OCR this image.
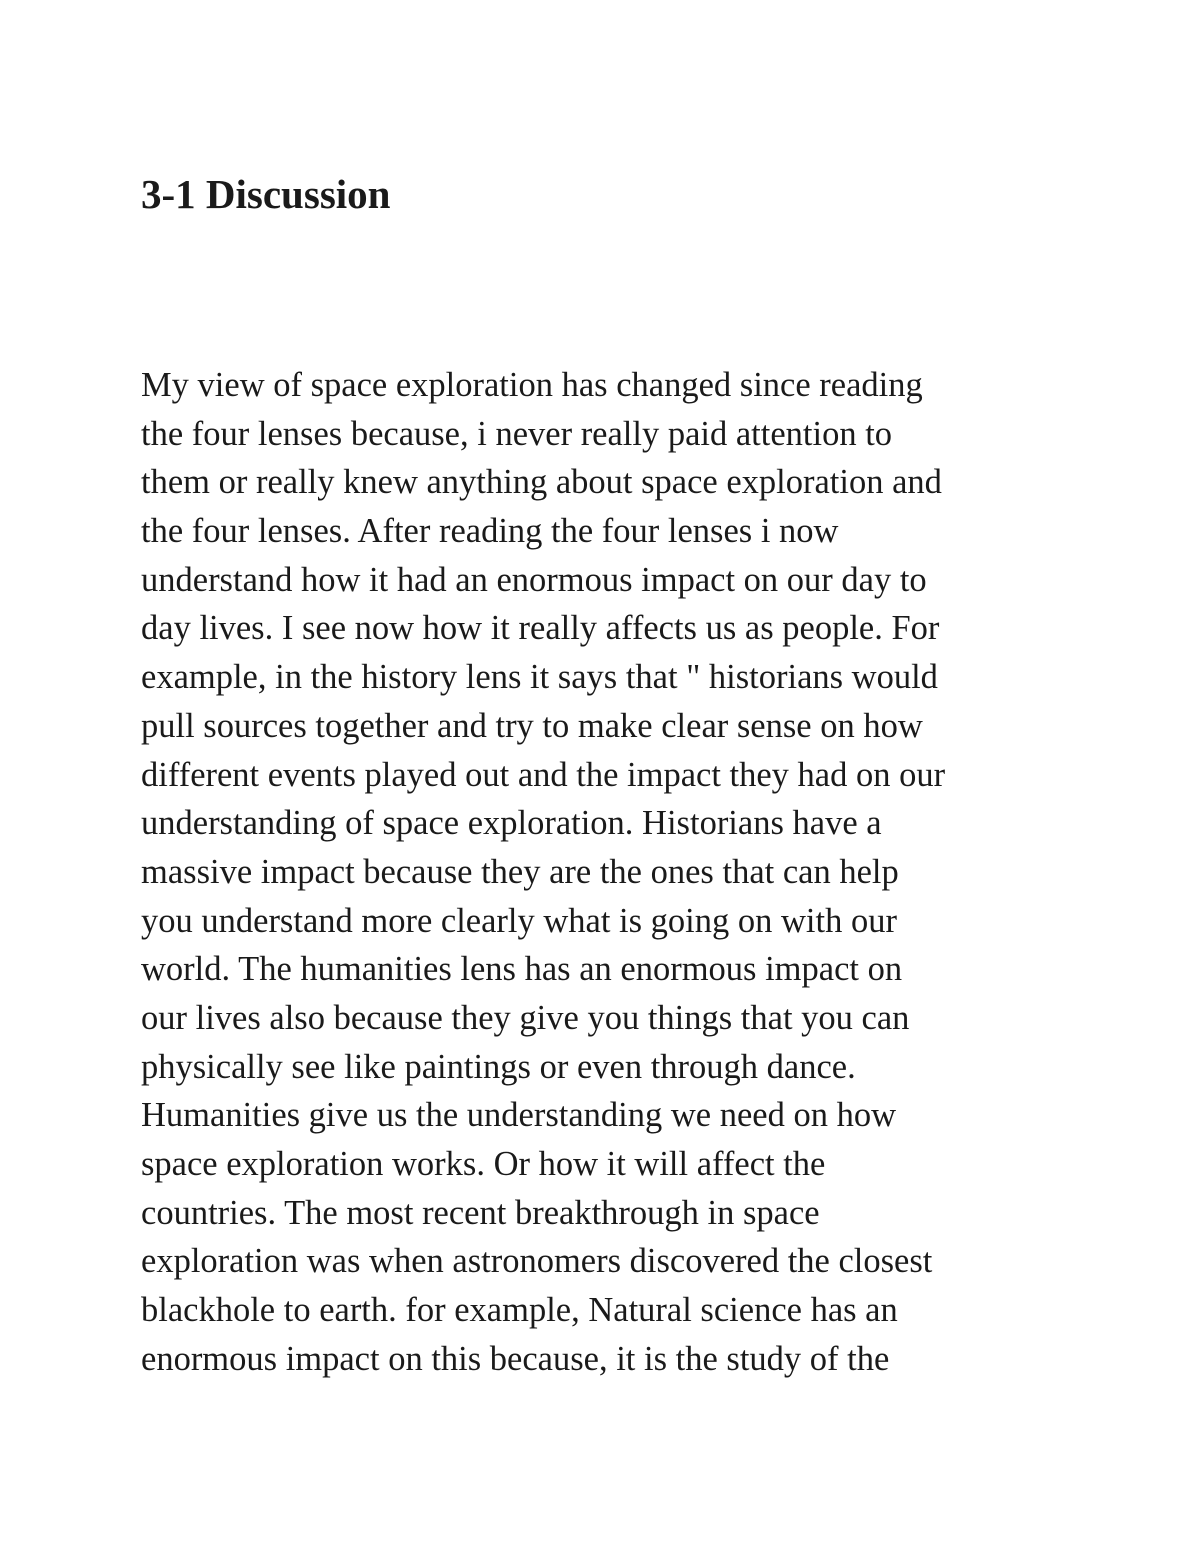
3-1 Discussion
My view of space exploration has changed since reading
the four lenses because, i never really paid attention to
them or really knew anything about space exploration and
the four lenses. After reading the four lenses i now
understand how it had an enormous impact on our day to
day lives. I see now how it really affects us as people. For
example, in the history lens it says that " historians would
pull sources together and try to make clear sense on how
different events played out and the impact they had on our
understanding of space exploration. Historians have a
massive impact because they are the ones that can help
you understand more clearly what is going on with our
world. The humanities lens has an enormous impact on
our lives also because they give you things that you can
physically see like paintings or even through dance.
Humanities give us the understanding we need on how
space exploration works. Or how it will affect the
countries. The most recent breakthrough in space
exploration was when astronomers discovered the closest
blackhole to earth. for example, Natural science has an
enormous impact on this because, it is the study of the
